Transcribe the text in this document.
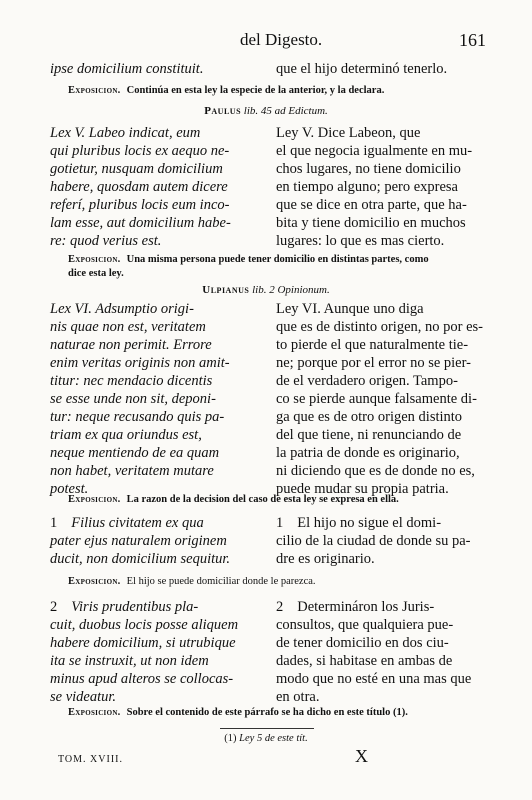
del Digesto.	161
ipse domicilium constituit.	que el hijo determinó tenerlo.
Exposicion. Continúa en esta ley la especie de la anterior, y la declara.
Paulus lib. 45 ad Edictum.
Lex V. Labeo indicat, eum
qui pluribus locis ex aequo ne-
gotietur, nusquam domicilium
habere, quosdam autem dicere
referí, pluribus locis eum inco-
lam esse, aut domicilium habe-
re: quod verius est.
Ley V. Dice Labeon, que
el que negocia igualmente en mu-
chos lugares, no tiene domicilio
en tiempo alguno; pero expresa
que se dice en otra parte, que ha-
bita y tiene domicilio en muchos
lugares: lo que es mas cierto.
Exposicion. Una misma persona puede tener domicilio en distintas partes, como
dice esta ley.
Ulpianus lib. 2 Opinionum.
Lex VI. Adsumptio origi-
nis quae non est, veritatem
naturae non perimit. Errore
enim veritas originis non amit-
titur: nec mendacio dicentis
se esse unde non sit, deponi-
tur: neque recusando quis pa-
triam ex qua oriundus est,
neque mentiendo de ea quam
non habet, veritatem mutare
potest.
Ley VI. Aunque uno diga
que es de distinto origen, no por es-
to pierde el que naturalmente tie-
ne; porque por el error no se pier-
de el verdadero origen. Tampo-
co se pierde aunque falsamente di-
ga que es de otro origen distinto
del que tiene, ni renunciando de
la patria de donde es originario,
ni diciendo que es de donde no es,
puede mudar su propia patria.
Exposicion. La razon de la decision del caso de esta ley se expresa en ella.
1 Filius civitatem ex qua
pater ejus naturalem originem
ducit, non domicilium sequitur.
1 El hijo no sigue el domi-
cilio de la ciudad de donde su pa-
dre es originario.
Exposicion. El hijo se puede domiciliar donde le parezca.
2 Viris prudentibus pla-
cuit, duobus locis posse aliquem
habere domicilium, si utrubique
ita se instruxit, ut non idem
minus apud alteros se collocas-
se videatur.
2 Determináron los Juris-
consultos, que qualquiera pue-
de tener domicilio en dos ciu-
dades, si habitase en ambas de
modo que no esté en una mas que
en otra.
Exposicion. Sobre el contenido de este párrafo se ha dicho en este título (1).
(1) Ley 5 de este tít.
TOM. XVIII.	X
